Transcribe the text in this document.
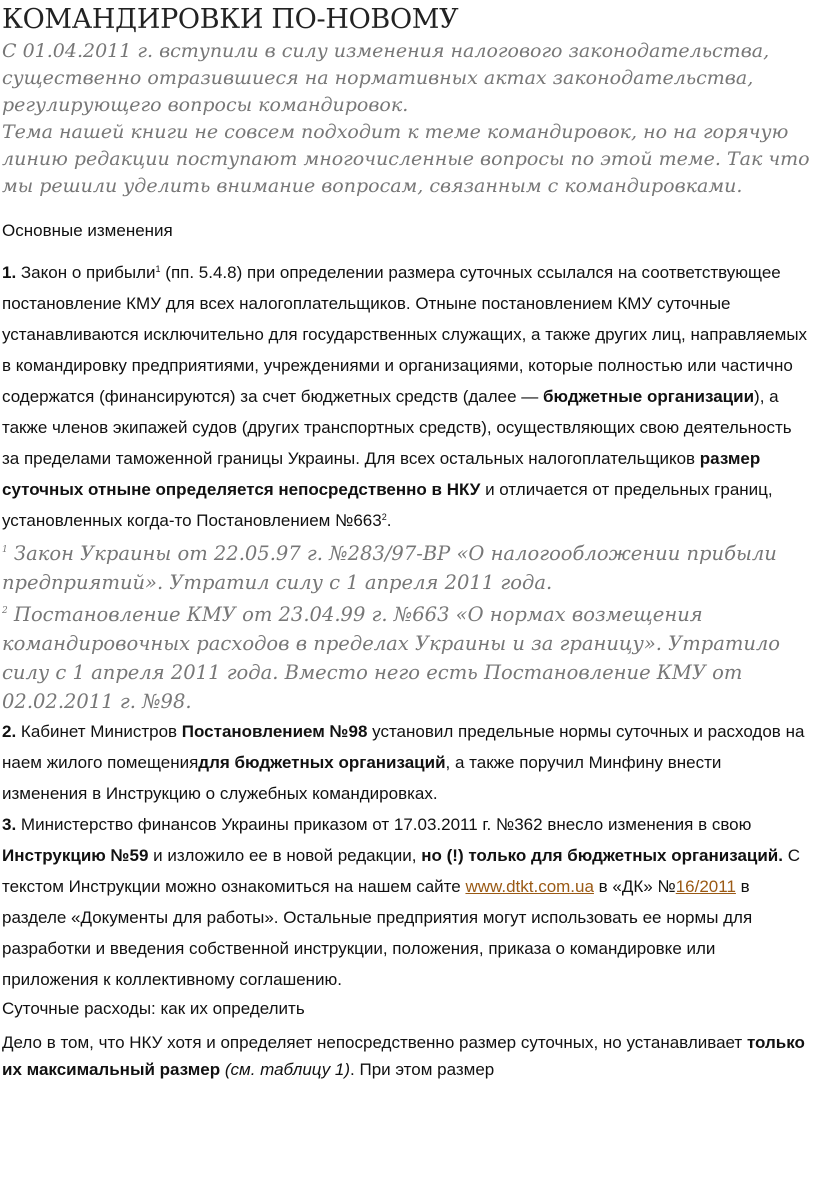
КОМАНДИРОВКИ ПО-НОВОМУ

С 01.04.2011 г. вступили в силу изменения налогового законодательства, существенно отразившиеся на нормативных актах законодательства, регулирующего вопросы командировок.

Тема нашей книги не совсем подходит к теме командировок, но на горячую линию редакции поступают многочисленные вопросы по этой теме. Так что мы решили уделить внимание вопросам, связанным с командировками.

Основные изменения

1. Закон о прибыли$^1$ (пп. 5.4.8) при определении размера суточных ссылался на соответствующее постановление КМУ для всех налогоплательщиков. Отныне постановлением КМУ суточные устанавливаются исключительно для государственных служащих, а также других лиц, направляемых в командировку предприятиями, учреждениями и организациями, которые полностью или частично содержатся (финансируются) за счет бюджетных средств (далее — бюджетные организации), а также членов экипажей судов (других транспортных средств), осуществляющих свою деятельность за пределами таможенной границы Украины. Для всех остальных налогоплательщиков размер суточных отныне определяется непосредственно в НКУ и отличается от предельных границ, установленных когда-то Постановлением $№663^2$.

$^1$ Закон Украины от 22.05.97 г. №283/97-ВР «О налогообложении прибыли предприятий». Утратил силу с 1 апреля 2011 года.

$^2$ Постановление КМУ от 23.04.99 г. №663 «О нормах возмещения командировочных расходов в пределах Украины и за границу». Утратило силу с 1 апреля 2011 года. Вместо него есть Постановление КМУ от 02.02.2011 г. №98.

2. Кабинет Министров Постановлением №98 установил предельные нормы суточных и расходов на наем жилого помещениядля бюджетных организаций, а также поручил Минфину внести изменения в Инструкцию о служебных командировках.

3. Министерство финансов Украины приказом от 17.03.2011 г. №362 внесло изменения в свою Инструкцию №59 и изложило ее в новой редакции, но (!) только для бюджетных организаций. С текстом Инструкции можно ознакомиться на нашем сайте www.dtkt.com.ua в «ДК» №16/2011 в разделе «Документы для работы». Остальные предприятия могут использовать ее нормы для разработки и введения собственной инструкции, положения, приказа о командировке или приложения к коллективному соглашению.

Суточные расходы: как их определить

Дело в том, что НКУ хотя и определяет непосредственно размер суточных, но устанавливает только их максимальный размер (см. таблицу 1). При этом размер
